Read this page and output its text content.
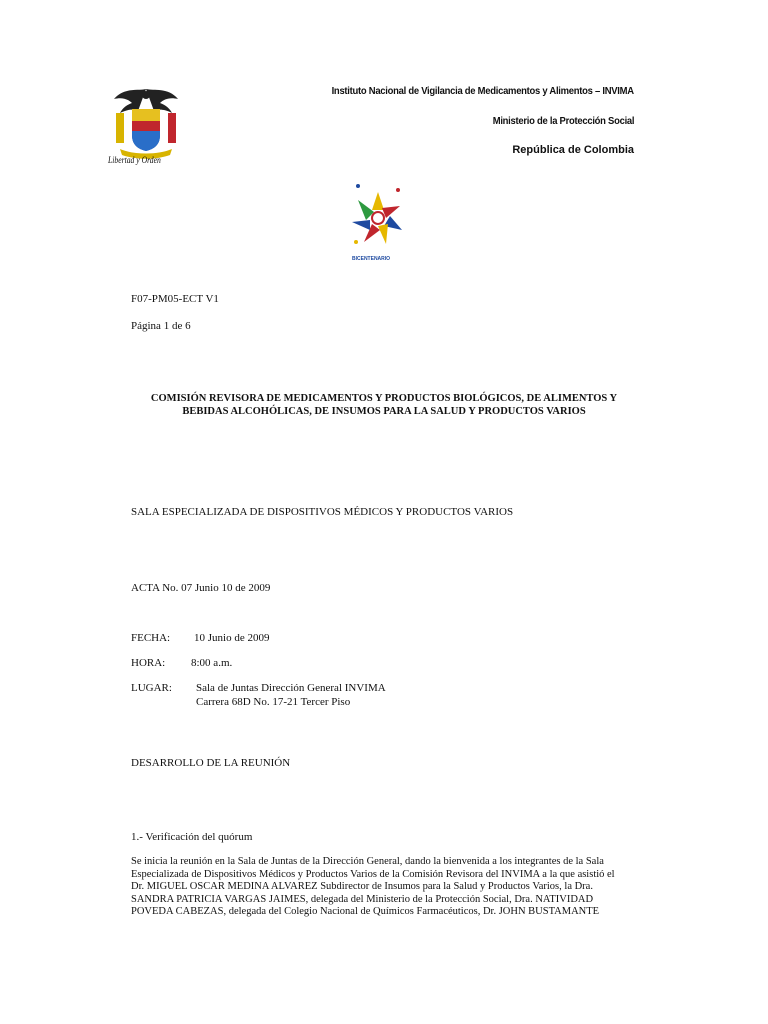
Instituto Nacional de Vigilancia de Medicamentos y Alimentos – INVIMA
Ministerio de la Protección Social
República de Colombia
Libertad y Orden
BICENTENARIO
F07-PM05-ECT V1
Página 1 de 6
COMISIÓN REVISORA DE MEDICAMENTOS Y PRODUCTOS BIOLÓGICOS, DE ALIMENTOS Y
BEBIDAS ALCOHÓLICAS, DE INSUMOS PARA LA SALUD Y PRODUCTOS VARIOS
SALA ESPECIALIZADA DE DISPOSITIVOS MÉDICOS Y PRODUCTOS VARIOS
ACTA No. 07 Junio 10 de 2009
FECHA: 10 Junio de 2009
HORA: 8:00 a.m.
LUGAR: Sala de Juntas Dirección General INVIMA
Carrera 68D No. 17-21 Tercer Piso
DESARROLLO DE LA REUNIÓN
1.- Verificación del quórum
Se inicia la reunión en la Sala de Juntas de la Dirección General, dando la bienvenida a los integrantes de la Sala
Especializada de Dispositivos Médicos y Productos Varios de la Comisión Revisora del INVIMA a la que asistió el
Dr. MIGUEL OSCAR MEDINA ALVAREZ Subdirector de Insumos para la Salud y Productos Varios, la Dra.
SANDRA PATRICIA VARGAS JAIMES, delegada del Ministerio de la Protección Social, Dra. NATIVIDAD
POVEDA CABEZAS, delegada del Colegio Nacional de Químicos Farmacéuticos, Dr. JOHN BUSTAMANTE
